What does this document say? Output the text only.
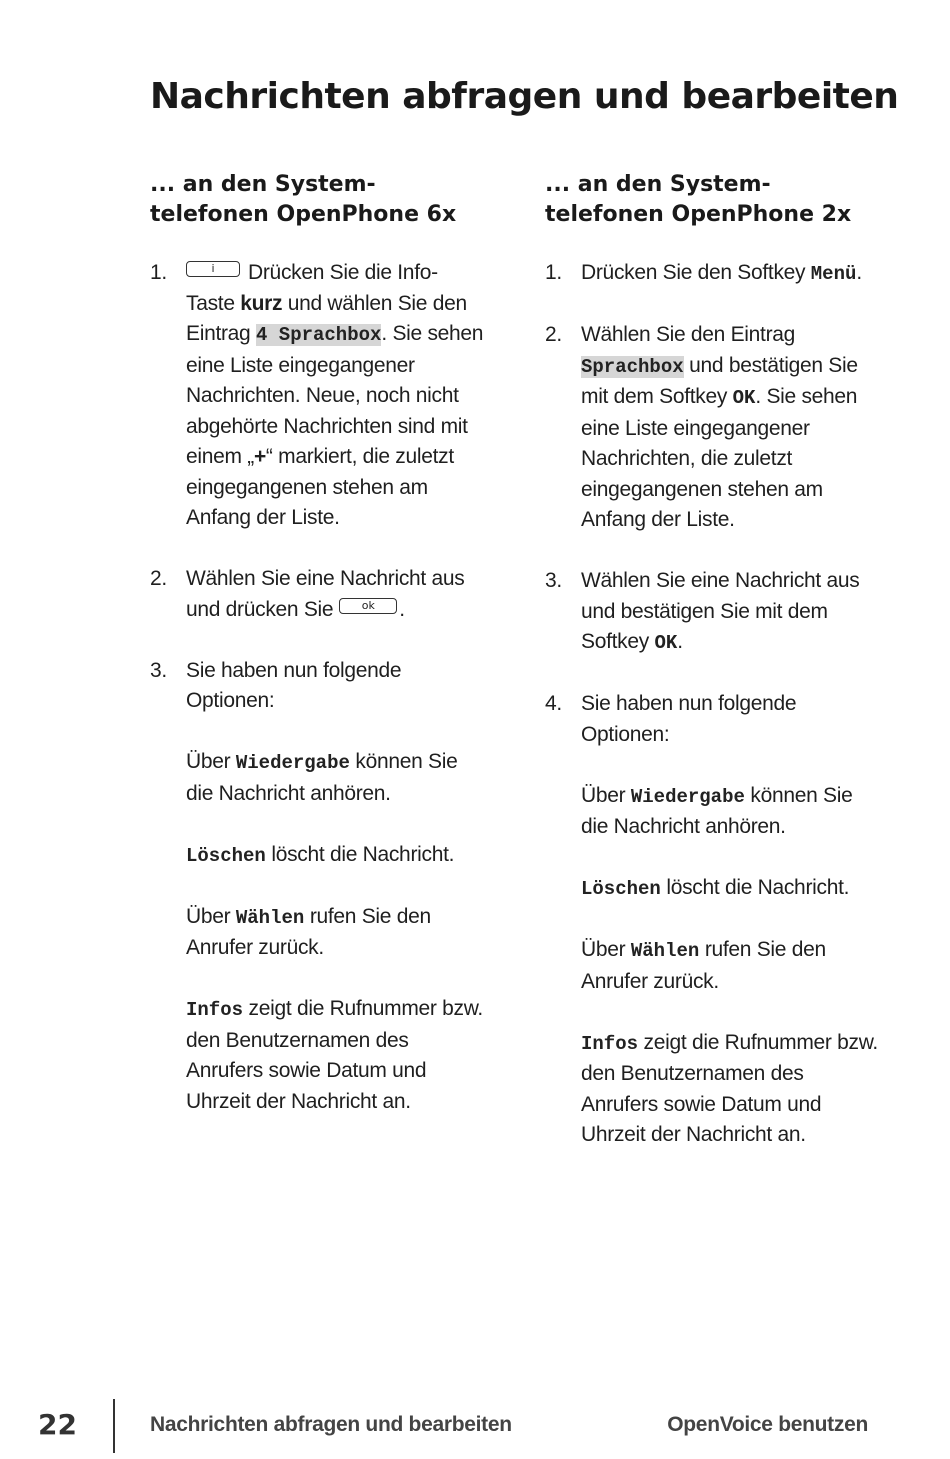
Nachrichten abfragen und bearbeiten
... an den System-
telefonen OpenPhone 6x
1.	i Drücken Sie die Info-Taste kurz und wählen Sie den Eintrag 4 Sprachbox. Sie sehen eine Liste eingegangener Nachrichten. Neue, noch nicht abgehörte Nachrichten sind mit einem „+“ markiert, die zuletzt eingegangenen stehen am Anfang der Liste.

2. Wählen Sie eine Nachricht aus und drücken Sie	ok .

3. Sie haben nun folgende Optionen:

Über Wiedergabe können Sie die Nachricht anhören.

Löschen löscht die Nachricht.

Über Wählen rufen Sie den Anrufer zurück.

Infos zeigt die Rufnummer bzw. den Benutzernamen des Anrufers sowie Datum und Uhrzeit der Nachricht an.

... an den System-
telefonen OpenPhone 2x
1. Drücken Sie den Softkey Menü.

2. Wählen Sie den Eintrag Sprachbox und bestätigen Sie mit dem Softkey OK. Sie sehen eine Liste eingegangener Nachrichten, die zuletzt eingegangenen stehen am Anfang der Liste.

3. Wählen Sie eine Nachricht aus und bestätigen Sie mit dem Softkey OK.

4. Sie haben nun folgende Optionen:

Über Wiedergabe können Sie die Nachricht anhören.

Löschen löscht die Nachricht.

Über Wählen rufen Sie den Anrufer zurück.

Infos zeigt die Rufnummer bzw. den Benutzernamen des Anrufers sowie Datum und Uhrzeit der Nachricht an.

22	Nachrichten abfragen und bearbeiten	OpenVoice benutzen
